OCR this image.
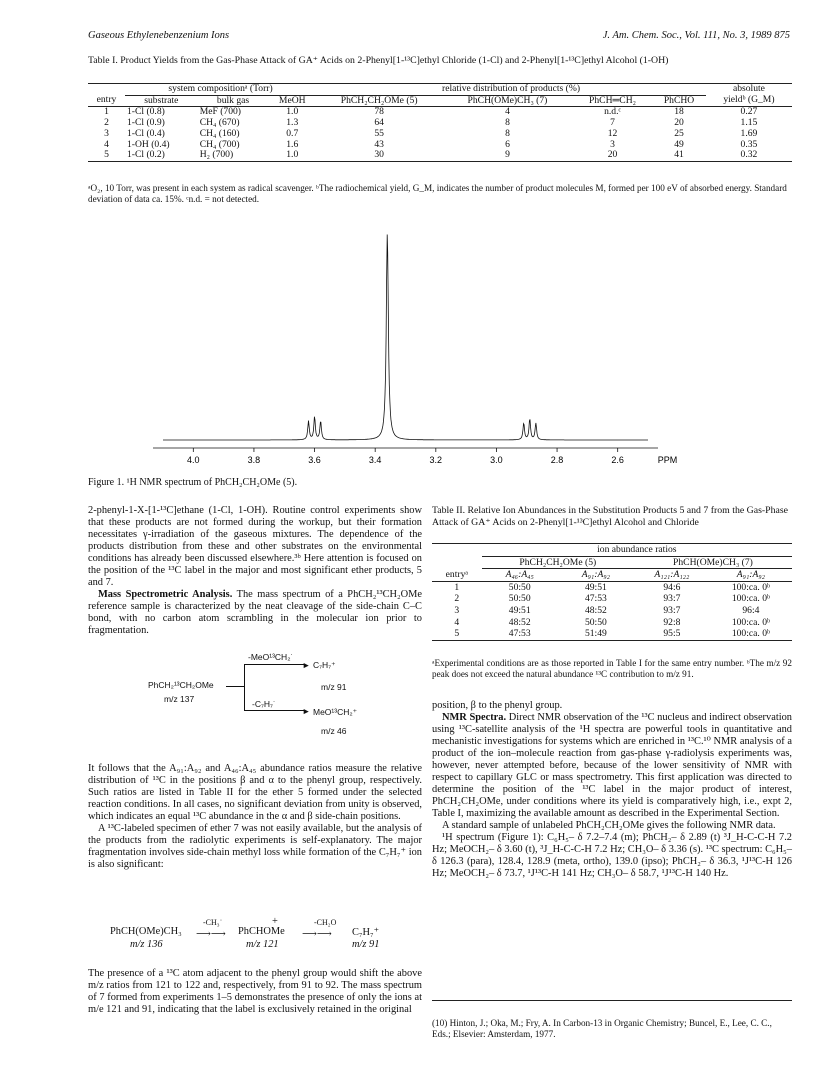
Gaseous Ethylenebenzenium Ions	J. Am. Chem. Soc., Vol. 111, No. 3, 1989 875
Table I. Product Yields from the Gas-Phase Attack of GA⁺ Acids on 2-Phenyl[1-¹³C]ethyl Chloride (1-Cl) and 2-Phenyl[1-¹³C]ethyl Alcohol (1-OH)
	system compositionᵃ (Torr)			relative distribution of products (%)				absolute
entry	substrate	bulk gas	MeOH	PhCH₂CH₂OMe (5)	PhCH(OMe)CH₃ (7)	PhCH═CH₂	PhCHO	yieldᵇ (G_M)
1	1-Cl (0.8)	MeF (700)	1.0	78	4	n.d.ᶜ	18	0.27
2	1-Cl (0.9)	CH₄ (670)	1.3	64	8	7	20	1.15
3	1-Cl (0.4)	CH₄ (160)	0.7	55	8	12	25	1.69
4	1-OH (0.4)	CH₄ (700)	1.6	43	6	3	49	0.35
5	1-Cl (0.2)	H₂ (700)	1.0	30	9	20	41	0.32
ᵃO₂, 10 Torr, was present in each system as radical scavenger. ᵇThe radiochemical yield, G_M, indicates the number of product molecules M, formed per 100 eV of absorbed energy. Standard deviation of data ca. 15%. ᶜn.d. = not detected.
4.0	3.8	3.6	3.4	3.2	3.0	2.8	2.6	PPM
Figure 1. ¹H NMR spectrum of PhCH₂CH₂OMe (5).

2-phenyl-1-X-[1-¹³C]ethane (1-Cl, 1-OH). Routine control experiments show that these products are not formed during the workup, but their formation necessitates γ-irradiation of the gaseous mixtures. The dependence of the products distribution from these and other substrates on the environmental conditions has already been discussed elsewhere.³ᵇ Here attention is focused on the position of the ¹³C label in the major and most significant ether products, 5 and 7.

Mass Spectrometric Analysis. The mass spectrum of a PhCH₂¹³CH₂OMe reference sample is characterized by the neat cleavage of the side-chain C–C bond, with no carbon atom scrambling in the molecular ion prior to fragmentation.

PhCH₂¹³CH₂OMe
m/z 137
►
►
-MeO¹³CH₂˙
C₇H₇⁺
m/z 91
-C₇H₇˙
MeO¹³CH₂⁺
m/z 46

It follows that the A₉₁:A₉₂ and A₄₆:A₄₅ abundance ratios measure the relative distribution of ¹³C in the positions β and α to the phenyl group, respectively. Such ratios are listed in Table II for the ether 5 formed under the selected reaction conditions. In all cases, no significant deviation from unity is observed, which indicates an equal ¹³C abundance in the α and β side-chain positions.

A ¹³C-labeled specimen of ether 7 was not easily available, but the analysis of the products from the radiolytic experiments is self-explanatory. The major fragmentation involves side-chain methyl loss while formation of the C₇H₇⁺ ion is also significant:

PhCH(OMe)CH₃
m/z 136
-CH₃˙
⟶⟶
+
PhCHOMe
m/z 121
-CH₂O
⟶⟶ C₇H₇⁺
m/z 91
The presence of a ¹³C atom adjacent to the phenyl group would shift the above m/z ratios from 121 to 122 and, respectively, from 91 to 92. The mass spectrum of 7 formed from experiments 1–5 demonstrates the presence of only the ions at m/e 121 and 91, indicating that the label is exclusively retained in the original
Table II. Relative Ion Abundances in the Substitution Products 5 and 7 from the Gas-Phase Attack of GA⁺ Acids on 2-Phenyl[1-¹³C]ethyl Alcohol and Chloride
	ion abundance ratios			
	PhCH₂CH₂OMe (5)		PhCH(OMe)CH₃ (7)	
entryᵃ	A₄₆:A₄₅	A₉₁:A₉₂	A₁₂₁:A₁₂₂	A₉₁:A₉₂
1	50:50	49:51	94:6	100:ca. 0ᵇ
2	50:50	47:53	93:7	100:ca. 0ᵇ
3	49:51	48:52	93:7	96:4
4	48:52	50:50	92:8	100:ca. 0ᵇ
5	47:53	51:49	95:5	100:ca. 0ᵇ
ᵃExperimental conditions are as those reported in Table I for the same entry number. ᵇThe m/z 92 peak does not exceed the natural abundance ¹³C contribution to m/z 91.

position, β to the phenyl group.

NMR Spectra. Direct NMR observation of the ¹³C nucleus and indirect observation using ¹³C-satellite analysis of the ¹H spectra are powerful tools in quantitative and mechanistic investigations for systems which are enriched in ¹³C.¹⁰ NMR analysis of a product of the ion–molecule reaction from gas-phase γ-radiolysis experiments was, however, never attempted before, because of the lower sensitivity of NMR with respect to capillary GLC or mass spectrometry. This first application was directed to determine the position of the ¹³C label in the major product of interest, PhCH₂CH₂OMe, under conditions where its yield is comparatively high, i.e., expt 2, Table I, maximizing the available amount as described in the Experimental Section.

A standard sample of unlabeled PhCH₂CH₂OMe gives the following NMR data.

¹H spectrum (Figure 1): C₆H₅– δ 7.2–7.4 (m); PhCH₂– δ 2.89 (t) ³J_H-C-C-H 7.2 Hz; MeOCH₂– δ 3.60 (t), ³J_H-C-C-H 7.2 Hz; CH₃O– δ 3.36 (s). ¹³C spectrum: C₆H₅– δ 126.3 (para), 128.4, 128.9 (meta, ortho), 139.0 (ipso); PhCH₂– δ 36.3, ¹J¹³C-H 126 Hz; MeOCH₂– δ 73.7, ¹J¹³C-H 141 Hz; CH₃O– δ 58.7, ¹J¹³C-H 140 Hz.

(10) Hinton, J.; Oka, M.; Fry, A. In Carbon-13 in Organic Chemistry; Buncel, E., Lee, C. C., Eds.; Elsevier: Amsterdam, 1977.
